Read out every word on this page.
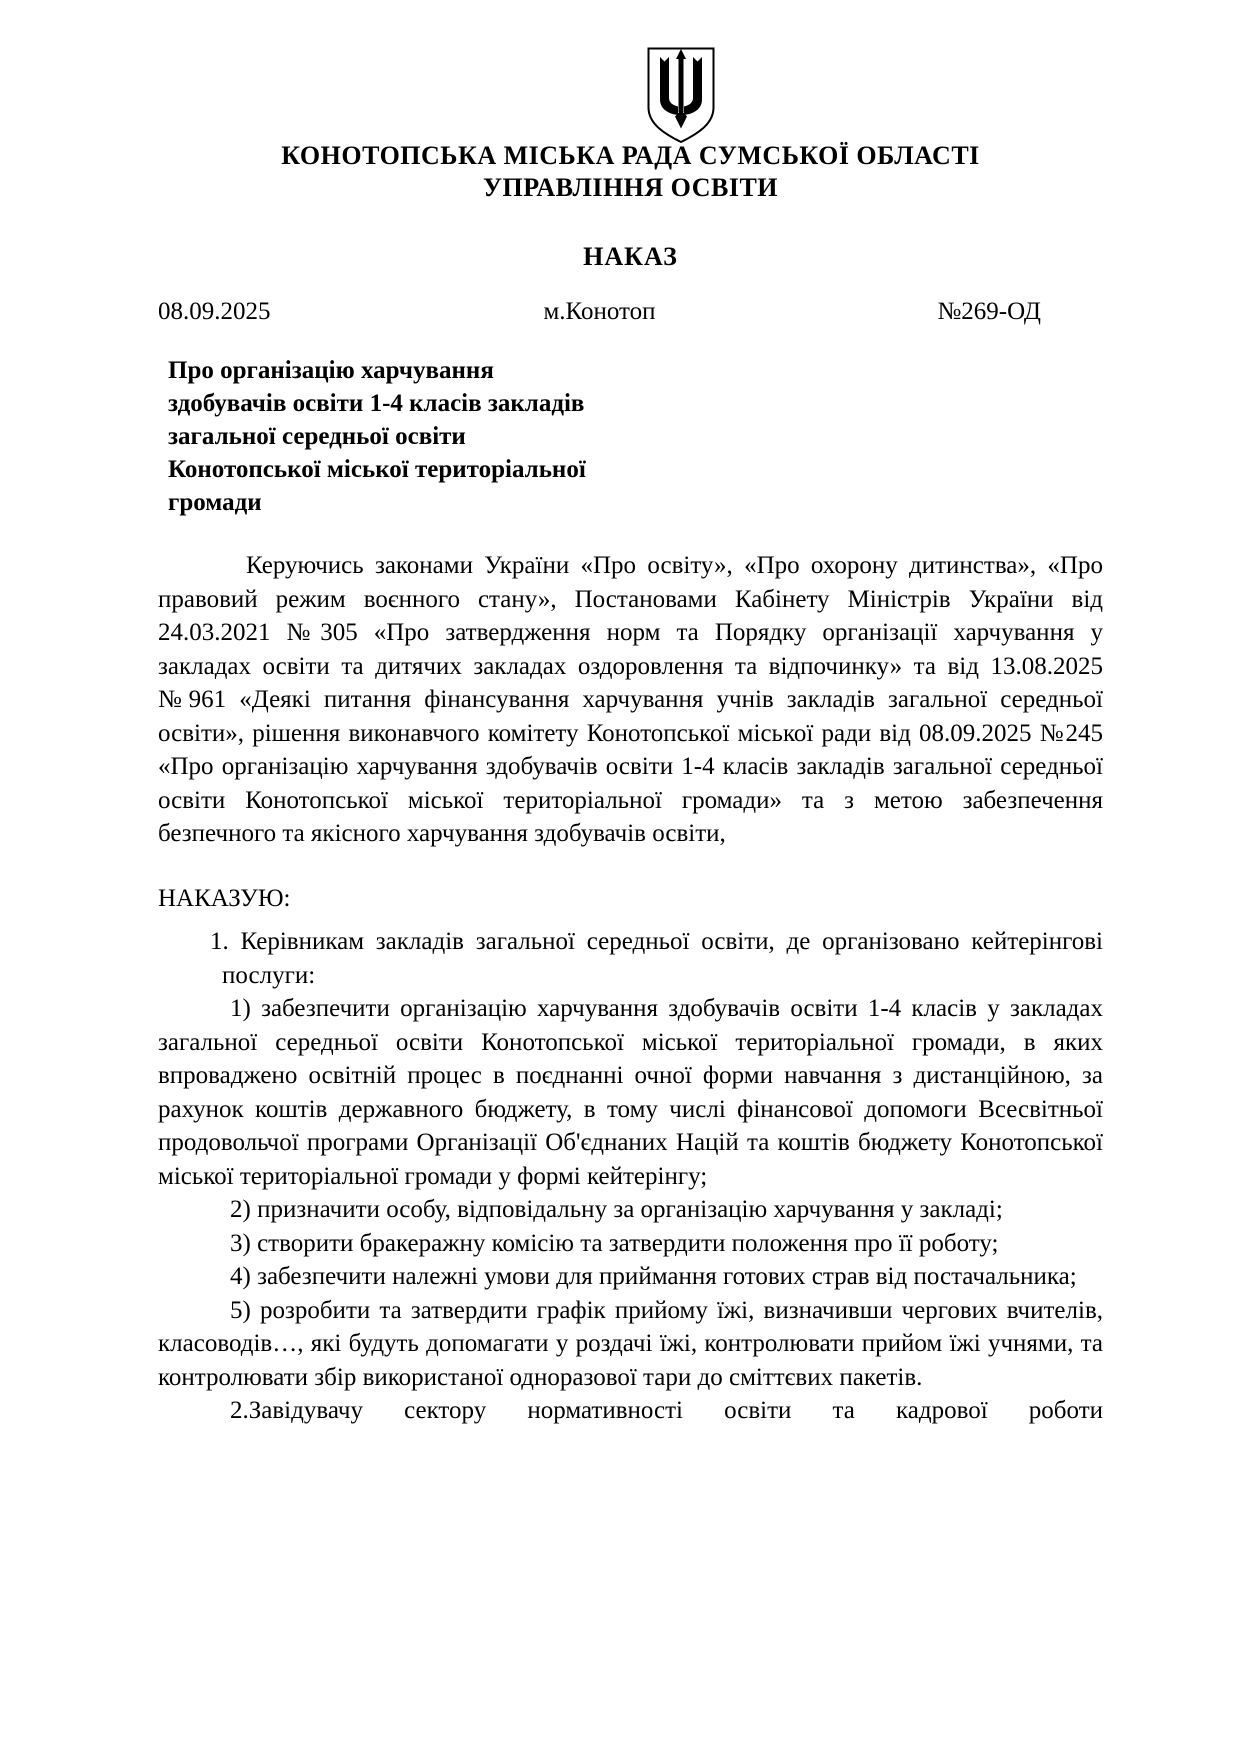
КОНОТОПСЬКА МІСЬКА РАДА СУМСЬКОЇ ОБЛАСТІ

УПРАВЛІННЯ ОСВІТИ

НАКАЗ

08.09.2025	м.Конотоп	№269-ОД
Про організацію харчування
здобувачів освіти 1-4 класів закладів
загальної середньої освіти
Конотопської міської територіальної
громади

Керуючись законами України «Про освіту», «Про охорону дитинства», «Про правовий режим воєнного стану», Постановами Кабінету Міністрів України від 24.03.2021 №305 «Про затвердження норм та Порядку організації харчування у закладах освіти та дитячих закладах оздоровлення та відпочинку» та від 13.08.2025 №961 «Деякі питання фінансування харчування учнів закладів загальної середньої освіти», рішення виконавчого комітету Конотопської міської ради від 08.09.2025 №245 «Про організацію харчування здобувачів освіти 1-4 класів закладів загальної середньої освіти Конотопської міської територіальної громади» та з метою забезпечення безпечного та якісного харчування здобувачів освіти,

НАКАЗУЮ:

1. Керівникам закладів загальної середньої освіти, де організовано кейтерінгові послуги:

1) забезпечити організацію харчування здобувачів освіти 1-4 класів у закладах загальної середньої освіти Конотопської міської територіальної громади, в яких впроваджено освітній процес в поєднанні очної форми навчання з дистанційною, за рахунок коштів державного бюджету, в тому числі фінансової допомоги Всесвітньої продовольчої програми Організації Об'єднаних Націй та коштів бюджету Конотопської міської територіальної громади у формі кейтерінгу;

2) призначити особу, відповідальну за організацію харчування у закладі;

3) створити бракеражну комісію та затвердити положення про її роботу;

4) забезпечити належні умови для приймання готових страв від постачальника;

5) розробити та затвердити графік прийому їжі, визначивши чергових вчителів, класоводів…, які будуть допомагати у роздачі їжі, контролювати прийом їжі учнями, та контролювати збір використаної одноразової тари до сміттєвих пакетів.

2.Завідувачу сектору нормативності освіти та кадрової роботи
